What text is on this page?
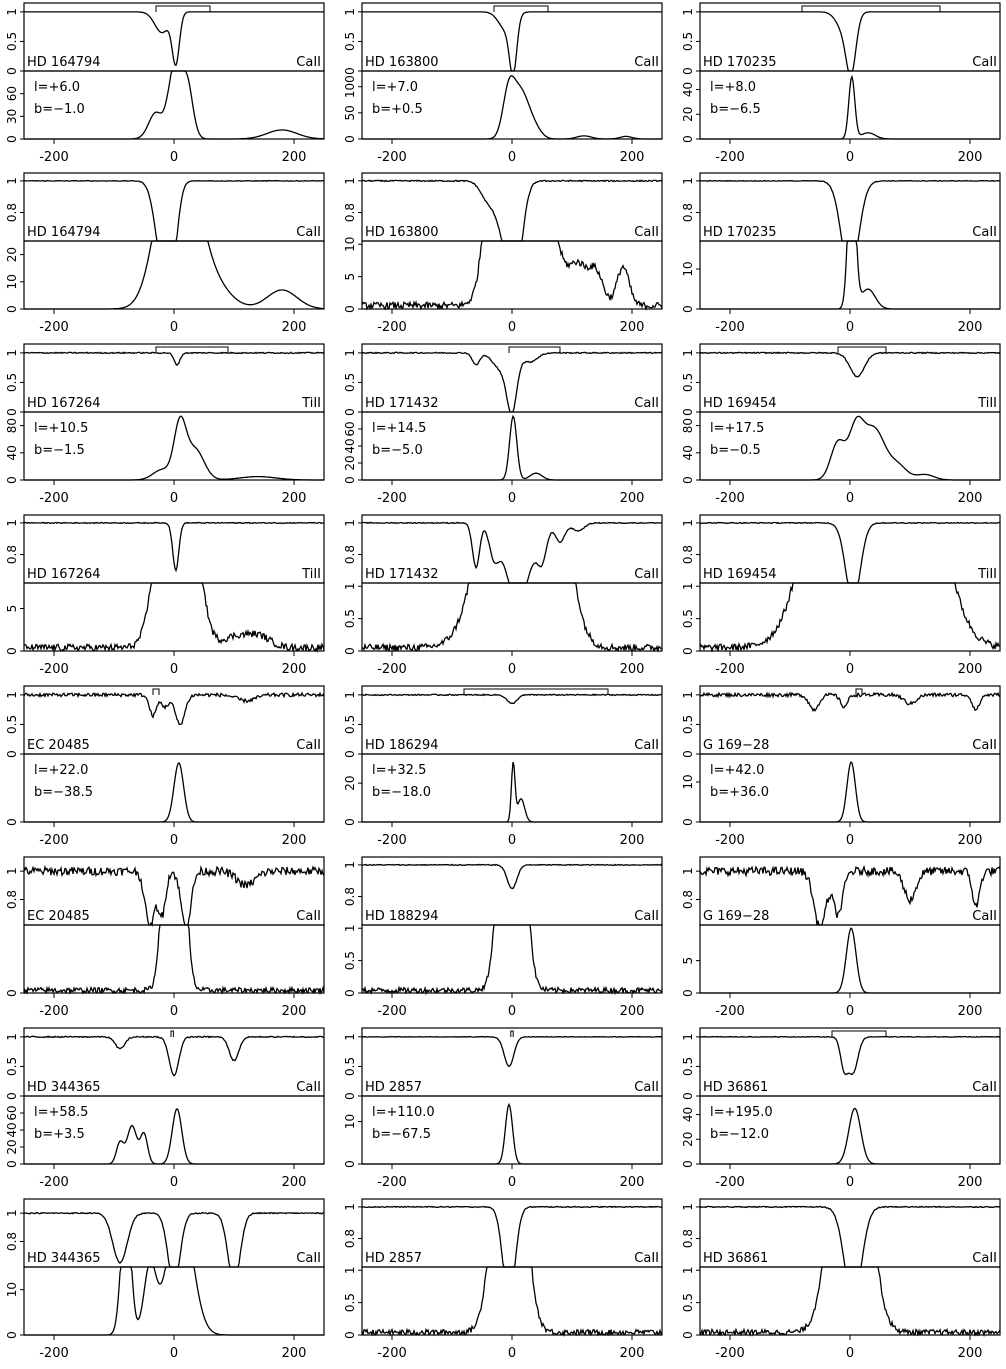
0
0.5
1
0
30
60
HD 164794	CaII
l=+6.0
b=−1.0
-200	0	200
0
0.5
1
0
50
100
HD 163800	CaII
l=+7.0
b=+0.5
-200	0	200
0
0.5
1
0
20
40
HD 170235	CaII
l=+8.0
b=−6.5
-200	0	200
0.8
1
0
10
20
HD 164794	CaII
-200	0	200
0.8
1
0
5
10
HD 163800	CaII
-200	0	200
0.8
1
0
10
HD 170235	CaII
-200	0	200
0
0.5
1
0
40
80
HD 167264	TiII
l=+10.5
b=−1.5
-200	0	200
0
0.5
1
0
20
40
60
HD 171432	CaII
l=+14.5
b=−5.0
-200	0	200
0
0.5
1
0
40
80
HD 169454	TiII
l=+17.5
b=−0.5
-200	0	200
0.8
1
0
5
HD 167264	TiII
-200	0	200
0.8
1
0
0.5
1
HD 171432	CaII
-200	0	200
0.8
1
0
0.5
1
HD 169454	TiII
-200	0	200
0
0.5
1
0
EC 20485	CaII
l=+22.0
b=−38.5
-200	0	200
0
0.5
1
0
20
HD 186294	CaII
l=+32.5
b=−18.0
-200	0	200
0
0.5
1
0
10
G 169−28	CaII
l=+42.0
b=+36.0
-200	0	200
0.8
1
0
EC 20485	CaII
-200	0	200
0.8
1
0
0.5
1
HD 188294	CaII
-200	0	200
0.8
1
0
5
G 169−28	CaII
-200	0	200
0
0.5
1
0
20
40
60
HD 344365	CaII
l=+58.5
b=+3.5
-200	0	200
0
0.5
1
0
10
HD 2857	CaII
l=+110.0
b=−67.5
-200	0	200
0
0.5
1
0
20
40
HD 36861	CaII
l=+195.0
b=−12.0
-200	0	200
0.8
1
0
10
HD 344365	CaII
-200	0	200
0.8
1
0
0.5
1
HD 2857	CaII
-200	0	200
0.8
1
0
0.5
1
HD 36861	CaII
-200	0	200
